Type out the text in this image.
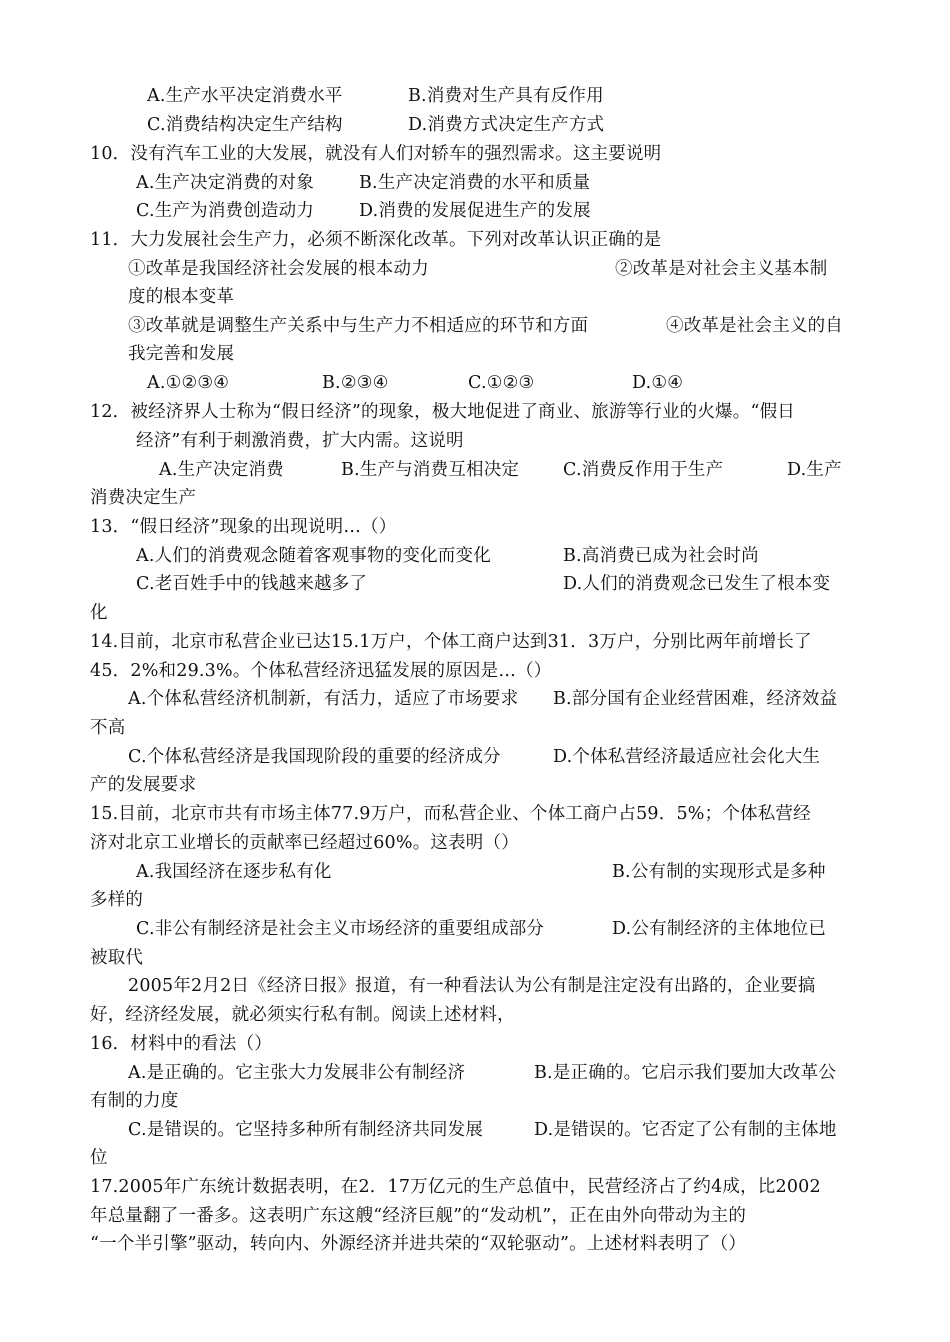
A.生产水平决定消费水平	B.消费对生产具有反作用
C.消费结构决定生产结构	D.消费方式决定生产方式
10．没有汽车工业的大发展，就没有人们对轿车的强烈需求。这主要说明
A.生产决定消费的对象	B.生产决定消费的水平和质量
C.生产为消费创造动力	D.消费的发展促进生产的发展
11．大力发展社会生产力，必须不断深化改革。下列对改革认识正确的是
①改革是我国经济社会发展的根本动力	②改革是对社会主义基本制
度的根本变革
③改革就是调整生产关系中与生产力不相适应的环节和方面	④改革是社会主义的自
我完善和发展
A.①②③④	B.②③④	C.①②③	D.①④
12．被经济界人士称为“假日经济”的现象，极大地促进了商业、旅游等行业的火爆。“假日
经济”有利于刺激消费，扩大内需。这说明
A.生产决定消费	B.生产与消费互相决定	C.消费反作用于生产	D.生产
消费决定生产
13．“假日经济”现象的出现说明…（）
A.人们的消费观念随着客观事物的变化而变化	B.高消费已成为社会时尚
C.老百姓手中的钱越来越多了	D.人们的消费观念已发生了根本变
化
14.目前，北京市私营企业已达15.1万户，个体工商户达到31．3万户，分别比两年前增长了
45．2%和29.3%。个体私营经济迅猛发展的原因是…（）
A.个体私营经济机制新，有活力，适应了市场要求 B.部分国有企业经营困难，经济效益
不高
C.个体私营经济是我国现阶段的重要的经济成分	D.个体私营经济最适应社会化大生
产的发展要求
15.目前，北京市共有市场主体77.9万户，而私营企业、个体工商户占59．5%；个体私营经
济对北京工业增长的贡献率已经超过60%。这表明（）
A.我国经济在逐步私有化	B.公有制的实现形式是多种
多样的
C.非公有制经济是社会主义市场经济的重要组成部分	D.公有制经济的主体地位已
被取代
2005年2月2日《经济日报》报道，有一种看法认为公有制是注定没有出路的，企业要搞
好，经济经发展，就必须实行私有制。阅读上述材料，
16．材料中的看法（）
A.是正确的。它主张大力发展非公有制经济	B.是正确的。它启示我们要加大改革公
有制的力度
C.是错误的。它坚持多种所有制经济共同发展	D.是错误的。它否定了公有制的主体地
位
17.2005年广东统计数据表明，在2．17万亿元的生产总值中，民营经济占了约4成，比2002
年总量翻了一番多。这表明广东这艘“经济巨舰”的“发动机”，正在由外向带动为主的
“一个半引擎”驱动，转向内、外源经济并进共荣的“双轮驱动”。上述材料表明了（）
